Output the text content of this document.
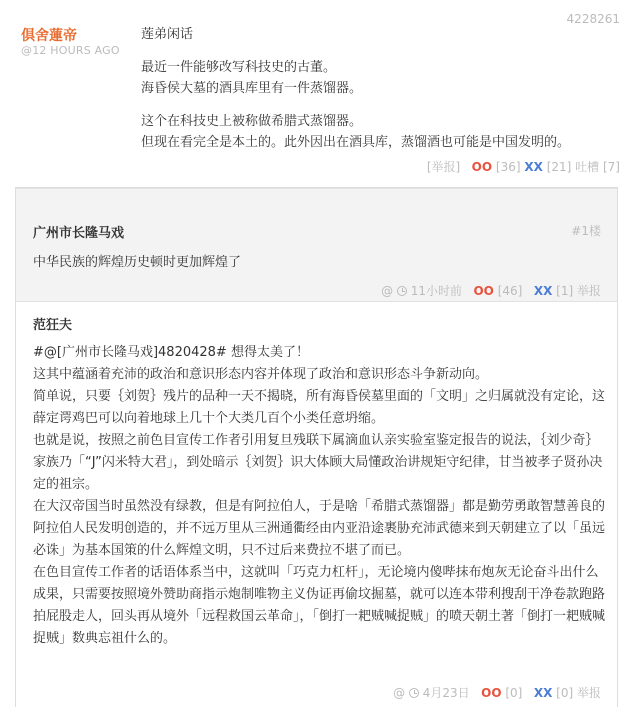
倶舍蓮帝
@12 HOURS AGO
4228261

莲弟闲话

最近一件能够改写科技史的古董。
海昏侯大墓的酒具库里有一件蒸馏器。

这个在科技史上被称做希腊式蒸馏器。
但现在看完全是本土的。此外因出在酒具库，蒸馏酒也可能是中国发明的。

[举报] OO [36] XX [21] 吐槽 [7]
广州市长隆马戏	#1楼
中华民族的辉煌历史顿时更加辉煌了
@ 11小时前 OO [46] XX [1] 举报
范狂夫
#@[广州市长隆马戏]4820428# 想得太美了！
这其中蕴涵着充沛的政治和意识形态内容并体现了政治和意识形态斗争新动向。
简单说，只要｛刘贺｝残片的品种一天不揭晓，所有海昏侯墓里面的「文明」之归属就没有定论，这薛定谔鸡巴可以向着地球上几十个大类几百个小类任意坍缩。
也就是说，按照之前色目宣传工作者引用复旦残联下属滴血认亲实验室鉴定报告的说法，｛刘少奇｝家族乃「“J”闪米特大君」，到处暗示｛刘贺｝识大体顾大局懂政治讲规矩守纪律，甘当被孝子贤孙决定的祖宗。
在大汉帝国当时虽然没有绿教，但是有阿拉伯人，于是啥「希腊式蒸馏器」都是勤劳勇敢智慧善良的阿拉伯人民发明创造的，并不远万里从三洲通衢经由内亚沿途裹胁充沛武德来到天朝建立了以「虽远必诛」为基本国策的什么辉煌文明，只不过后来费拉不堪了而已。
在色目宣传工作者的话语体系当中，这就叫「巧克力杠杆」，无论境内傻哔抹布炮灰无论奋斗出什么成果，只需要按照境外赞助商指示炮制唯物主义伪证再偷坟掘墓，就可以连本带利搜刮干净卷款跑路拍屁股走人，回头再从境外「远程救国云革命」，「倒打一耙贼喊捉贼」的喷天朝土著「倒打一耙贼喊捉贼」数典忘祖什么的。
@ 4月23日 OO [0] XX [0] 举报
